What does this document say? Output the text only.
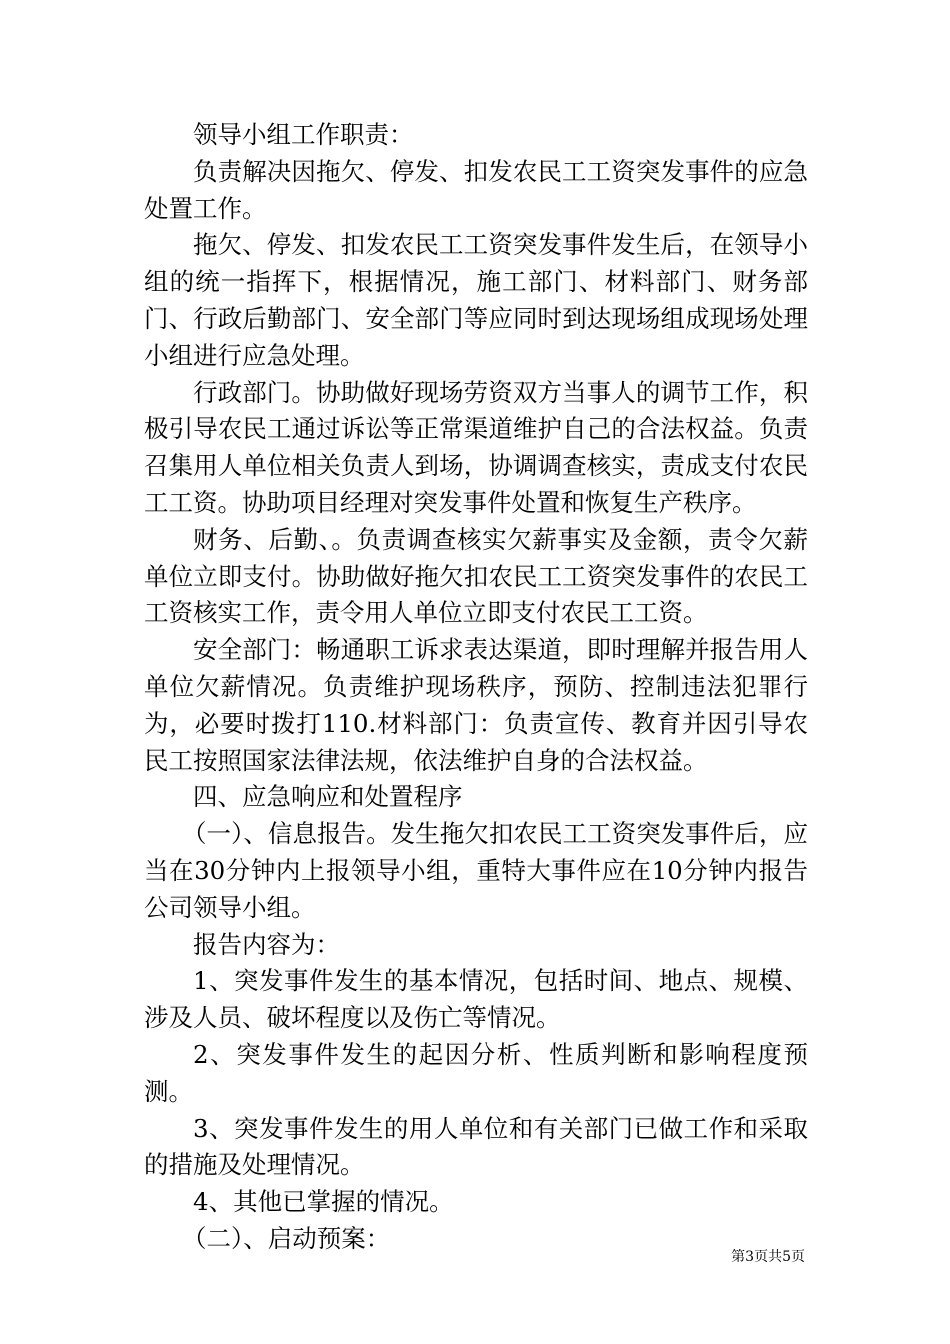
领导小组工作职责：

负责解决因拖欠、停发、扣发农民工工资突发事件的应急处置工作。

拖欠、停发、扣发农民工工资突发事件发生后，在领导小组的统一指挥下，根据情况，施工部门、材料部门、财务部门、行政后勤部门、安全部门等应同时到达现场组成现场处理小组进行应急处理。

行政部门。协助做好现场劳资双方当事人的调节工作，积极引导农民工通过诉讼等正常渠道维护自己的合法权益。负责召集用人单位相关负责人到场，协调调查核实，责成支付农民工工资。协助项目经理对突发事件处置和恢复生产秩序。

财务、后勤、。负责调查核实欠薪事实及金额，责令欠薪单位立即支付。协助做好拖欠扣农民工工资突发事件的农民工工资核实工作，责令用人单位立即支付农民工工资。

安全部门：畅通职工诉求表达渠道，即时理解并报告用人单位欠薪情况。负责维护现场秩序，预防、控制违法犯罪行为，必要时拨打110.材料部门：负责宣传、教育并因引导农民工按照国家法律法规，依法维护自身的合法权益。

四、应急响应和处置程序

（一）、信息报告。发生拖欠扣农民工工资突发事件后，应当在30分钟内上报领导小组，重特大事件应在10分钟内报告公司领导小组。

报告内容为：

1、突发事件发生的基本情况，包括时间、地点、规模、涉及人员、破坏程度以及伤亡等情况。

2、突发事件发生的起因分析、性质判断和影响程度预测。

3、突发事件发生的用人单位和有关部门已做工作和采取的措施及处理情况。

4、其他已掌握的情况。

（二）、启动预案：

第3页共5页
